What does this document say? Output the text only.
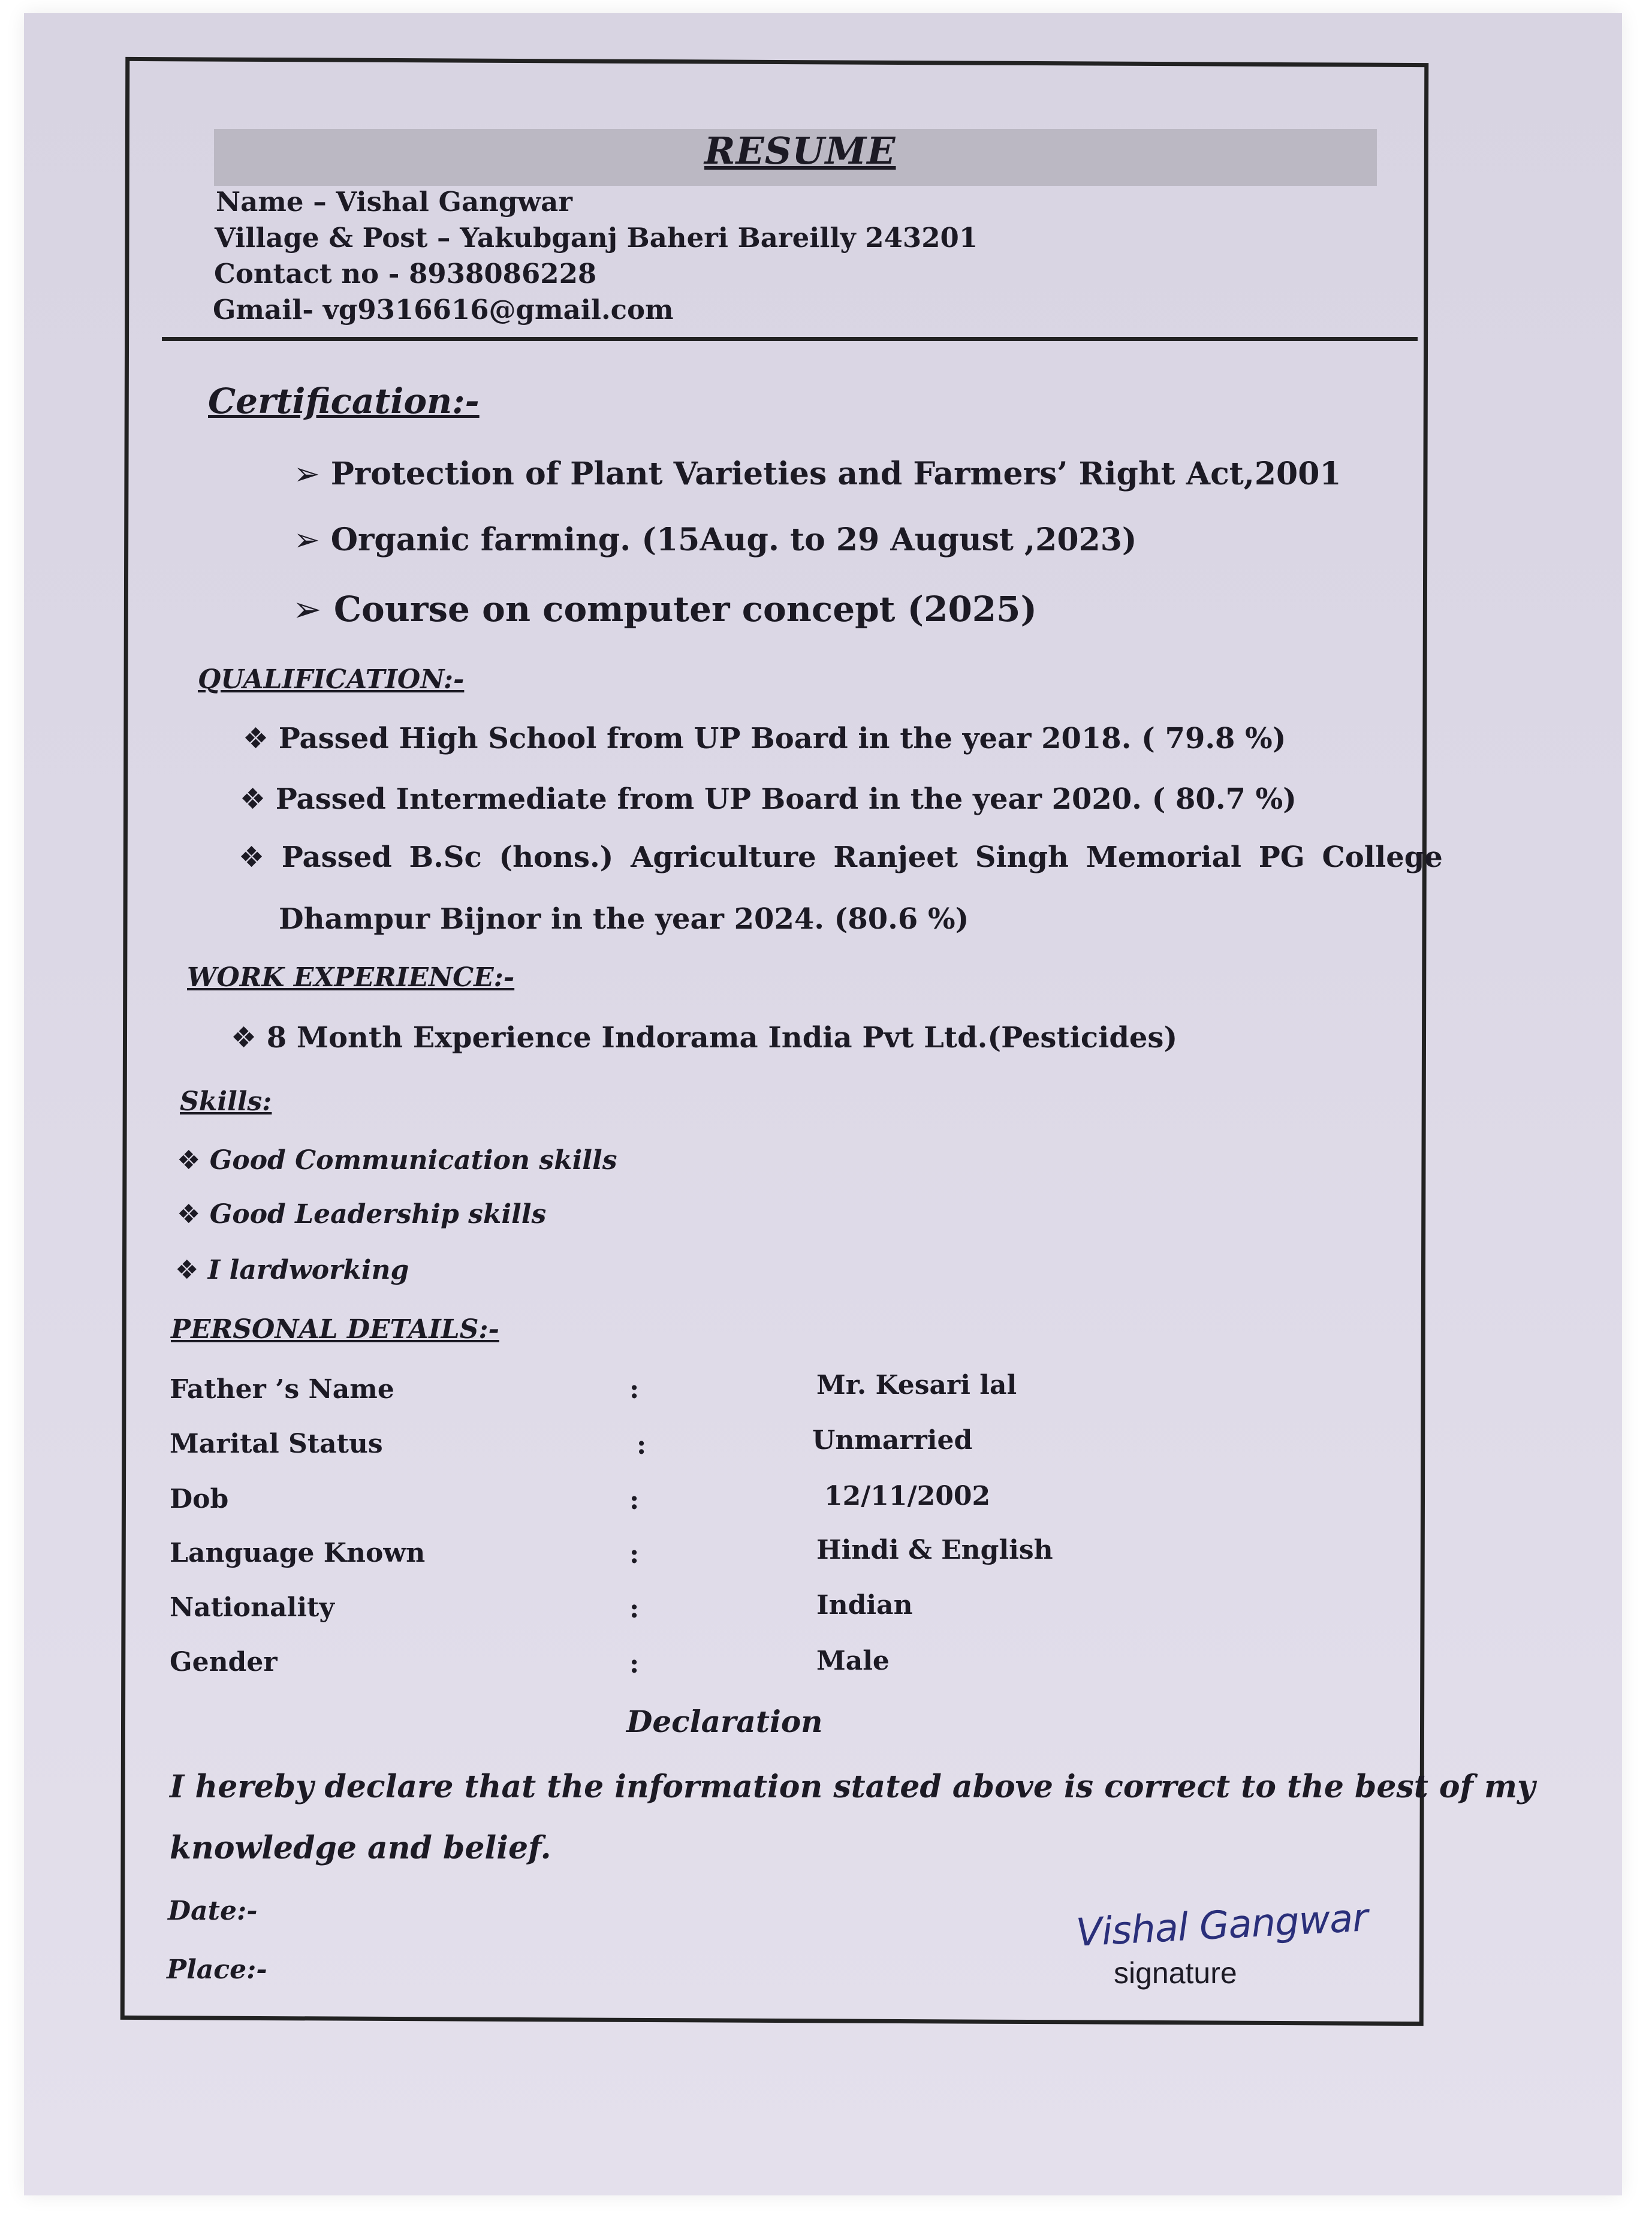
RESUME
Name – Vishal Gangwar
Village & Post – Yakubganj Baheri Bareilly 243201
Contact no - 8938086228
Gmail- vg9316616@gmail.com
Certification:-
➢ Protection of Plant Varieties and Farmers’ Right Act,2001
➢ Organic farming. (15Aug. to 29 August ,2023)
➢ Course on computer concept (2025)
QUALIFICATION:-
❖ Passed High School from UP Board in the year 2018. ( 79.8 %)
❖ Passed Intermediate from UP Board in the year 2020. ( 80.7 %)
❖ Passed B.Sc (hons.) Agriculture Ranjeet Singh Memorial PG College
Dhampur Bijnor in the year 2024. (80.6 %)
WORK EXPERIENCE:-
❖ 8 Month Experience Indorama India Pvt Ltd.(Pesticides)
Skills:
❖ Good Communication skills
❖ Good Leadership skills
❖ I lardworking
PERSONAL DETAILS:-
Father ’s Name	:	Mr. Kesari lal
Marital Status	:	Unmarried
Dob	:	12/11/2002
Language Known	:	Hindi & English
Nationality	:	Indian
Gender	:	Male
Declaration
I hereby declare that the information stated above is correct to the best of my
knowledge and belief.
Date:-
Place:-
Vishal Gangwar
signature
